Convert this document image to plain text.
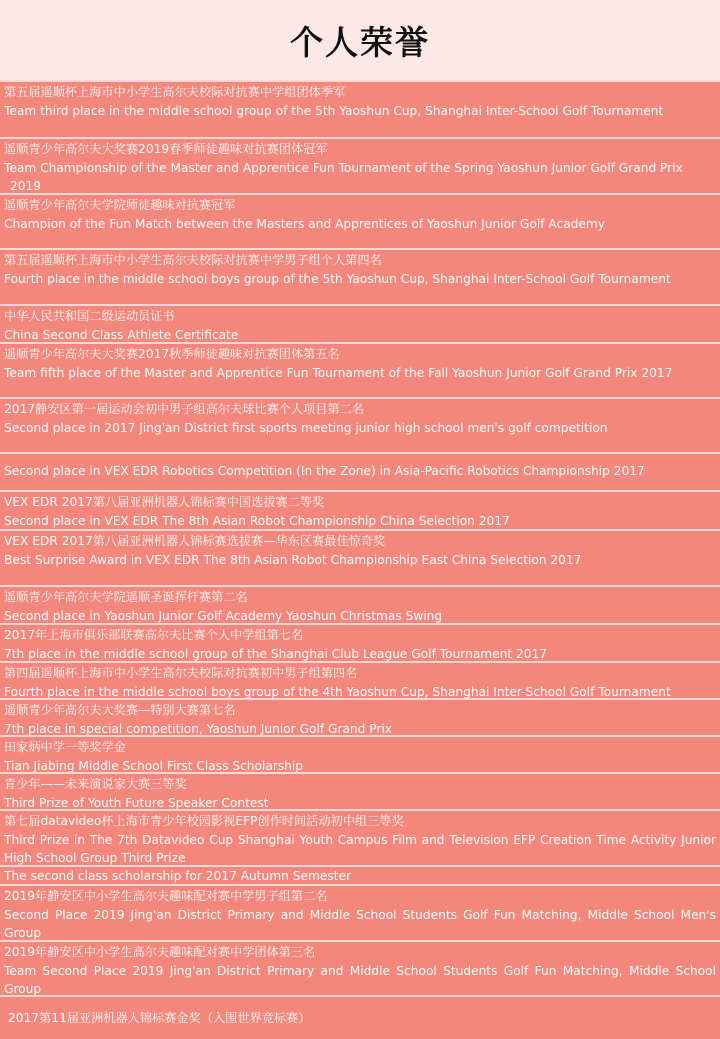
个人荣誉
第五届遥顺杯上海市中小学生高尔夫校际对抗赛中学组团体季军
Team third place in the middle school group of the 5th Yaoshun Cup, Shanghai Inter-School Golf Tournament
遥顺青少年高尔夫大奖赛2019春季师徒趣味对抗赛团体冠军
Team Championship of the Master and Apprentice Fun Tournament of the Spring Yaoshun Junior Golf Grand Prix
2019
遥顺青少年高尔夫学院师徒趣味对抗赛冠军
Champion of the Fun Match between the Masters and Apprentices of Yaoshun Junior Golf Academy
第五届遥顺杯上海市中小学生高尔夫校际对抗赛中学男子组个人第四名
Fourth place in the middle school boys group of the 5th Yaoshun Cup, Shanghai Inter-School Golf Tournament
中华人民共和国二级运动员证书
China Second Class Athlete Certificate
遥顺青少年高尔夫大奖赛2017秋季师徒趣味对抗赛团体第五名
Team fifth place of the Master and Apprentice Fun Tournament of the Fall Yaoshun Junior Golf Grand Prix 2017
2017静安区第一届运动会初中男子组高尔夫球比赛个人项目第二名
Second place in 2017 Jing'an District first sports meeting junior high school men's golf competition
Second place in VEX EDR Robotics Competition (In the Zone) in Asia-Pacific Robotics Championship 2017
VEX EDR 2017第八届亚洲机器人锦标赛中国选拔赛二等奖
Second place in VEX EDR The 8th Asian Robot Championship China Selection 2017
VEX EDR 2017第八届亚洲机器人锦标赛选拔赛—华东区赛最佳惊奇奖
Best Surprise Award in VEX EDR The 8th Asian Robot Championship East China Selection 2017
遥顺青少年高尔夫学院遥顺圣诞挥杆赛第二名
Second place in Yaoshun Junior Golf Academy Yaoshun Christmas Swing
2017年上海市俱乐部联赛高尔夫比赛个人中学组第七名
7th place in the middle school group of the Shanghai Club League Golf Tournament 2017
第四届遥顺杯上海市中小学生高尔夫校际对抗赛初中男子组第四名
Fourth place in the middle school boys group of the 4th Yaoshun Cup, Shanghai Inter-School Golf Tournament
遥顺青少年高尔夫大奖赛—特别大赛第七名
7th place in special competition, Yaoshun Junior Golf Grand Prix
田家炳中学一等奖学金
Tian Jiabing Middle School First Class Scholarship
青少年——未来演说家大赛三等奖
Third Prize of Youth Future Speaker Contest
第七届datavideo杯上海市青少年校园影视EFP创作时间活动初中组三等奖
Third Prize in The 7th Datavideo Cup Shanghai Youth Campus Film and Television EFP Creation Time Activity Junior High School Group Third Prize
The second class scholarship for 2017 Autumn Semester
2019年静安区中小学生高尔夫趣味配对赛中学男子组第二名
Second Place 2019 Jing'an District Primary and Middle School Students Golf Fun Matching, Middle School Men's Group
2019年静安区中小学生高尔夫趣味配对赛中学团体第三名
Team Second Place 2019 Jing'an District Primary and Middle School Students Golf Fun Matching, Middle School Group
2017第11届亚洲机器人锦标赛金奖（入围世界竞标赛）
